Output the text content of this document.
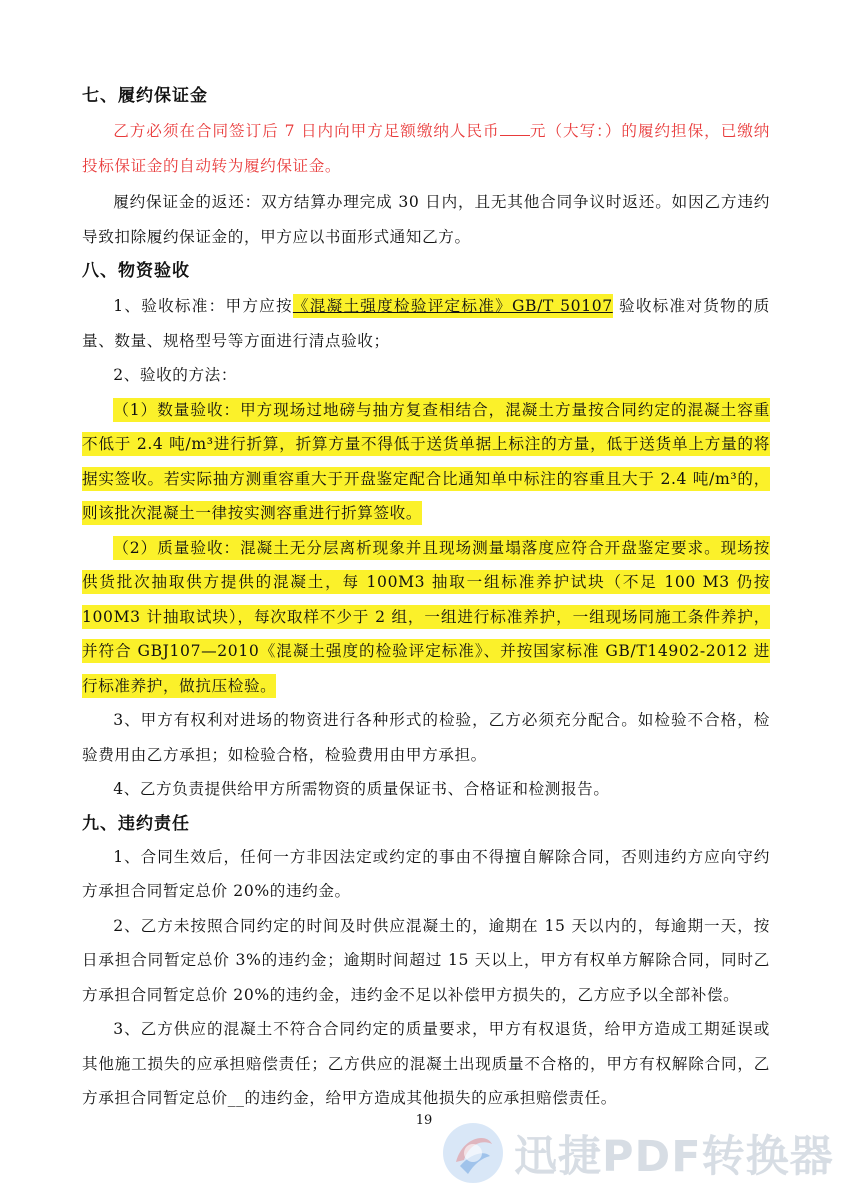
七、履约保证金

乙方必须在合同签订后 7 日内向甲方足额缴纳人民币 元（大写：）的履约担保，已缴纳投标保证金的自动转为履约保证金。

履约保证金的返还：双方结算办理完成 30 日内，且无其他合同争议时返还。如因乙方违约导致扣除履约保证金的，甲方应以书面形式通知乙方。

八、物资验收

1、验收标准：甲方应按《混凝土强度检验评定标准》GB/T 50107 验收标准对货物的质量、数量、规格型号等方面进行清点验收；

2、验收的方法：

（1）数量验收：甲方现场过地磅与抽方复查相结合，混凝土方量按合同约定的混凝土容重不低于 2.4 吨/m³进行折算，折算方量不得低于送货单据上标注的方量，低于送货单上方量的将据实签收。若实际抽方测重容重大于开盘鉴定配合比通知单中标注的容重且大于 2.4 吨/m³的，则该批次混凝土一律按实测容重进行折算签收。

（2）质量验收：混凝土无分层离析现象并且现场测量塌落度应符合开盘鉴定要求。现场按供货批次抽取供方提供的混凝土，每 100M3 抽取一组标准养护试块（不足 100 M3 仍按 100M3 计抽取试块），每次取样不少于 2 组，一组进行标准养护，一组现场同施工条件养护，并符合 GBJ107—2010《混凝土强度的检验评定标准》、并按国家标准 GB/T14902-2012 进行标准养护，做抗压检验。

3、甲方有权利对进场的物资进行各种形式的检验，乙方必须充分配合。如检验不合格，检验费用由乙方承担；如检验合格，检验费用由甲方承担。

4、乙方负责提供给甲方所需物资的质量保证书、合格证和检测报告。

九、违约责任

1、合同生效后，任何一方非因法定或约定的事由不得擅自解除合同，否则违约方应向守约方承担合同暂定总价 20%的违约金。

2、乙方未按照合同约定的时间及时供应混凝土的，逾期在 15 天以内的，每逾期一天，按日承担合同暂定总价 3%的违约金；逾期时间超过 15 天以上，甲方有权单方解除合同，同时乙方承担合同暂定总价 20%的违约金，违约金不足以补偿甲方损失的，乙方应予以全部补偿。

3、乙方供应的混凝土不符合合同约定的质量要求，甲方有权退货，给甲方造成工期延误或其他施工损失的应承担赔偿责任；乙方供应的混凝土出现质量不合格的，甲方有权解除合同，乙方承担合同暂定总价__的违约金，给甲方造成其他损失的应承担赔偿责任。

19
迅捷PDF转换器
